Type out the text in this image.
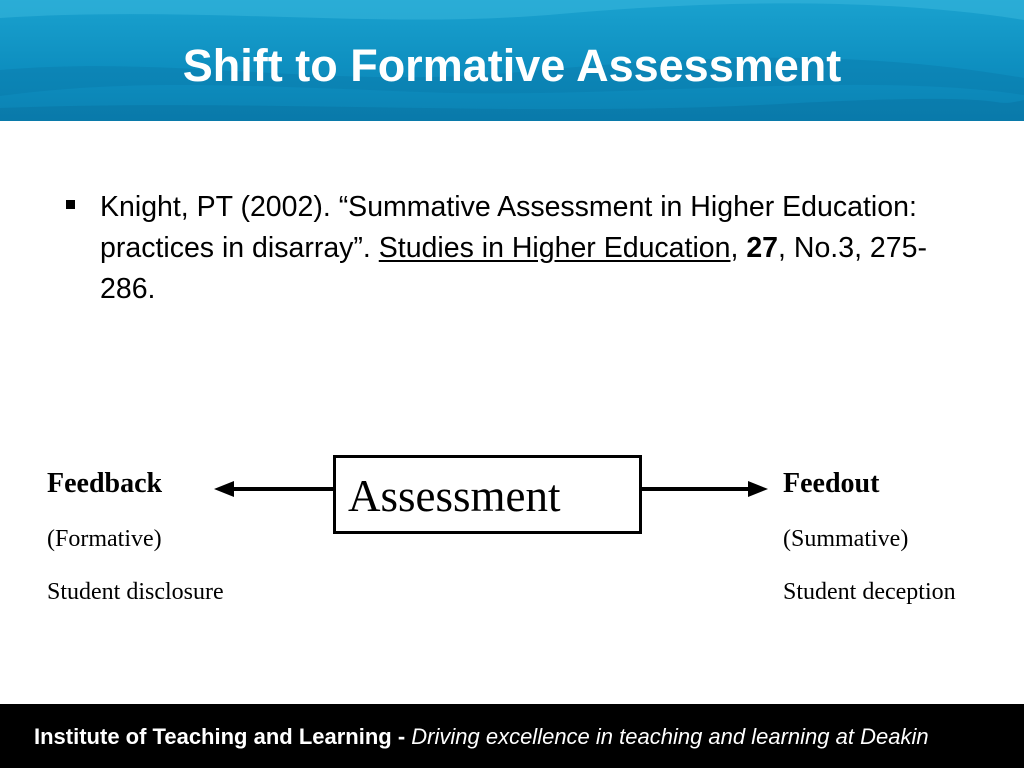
Shift to Formative Assessment
Knight, PT (2002). “Summative Assessment in Higher Education: practices in disarray”. Studies in Higher Education, 27, No.3, 275-286.
Assessment
Feedback
(Formative)
Student disclosure
Feedout
(Summative)
Student deception
Institute of Teaching and Learning - Driving excellence in teaching and learning at Deakin
